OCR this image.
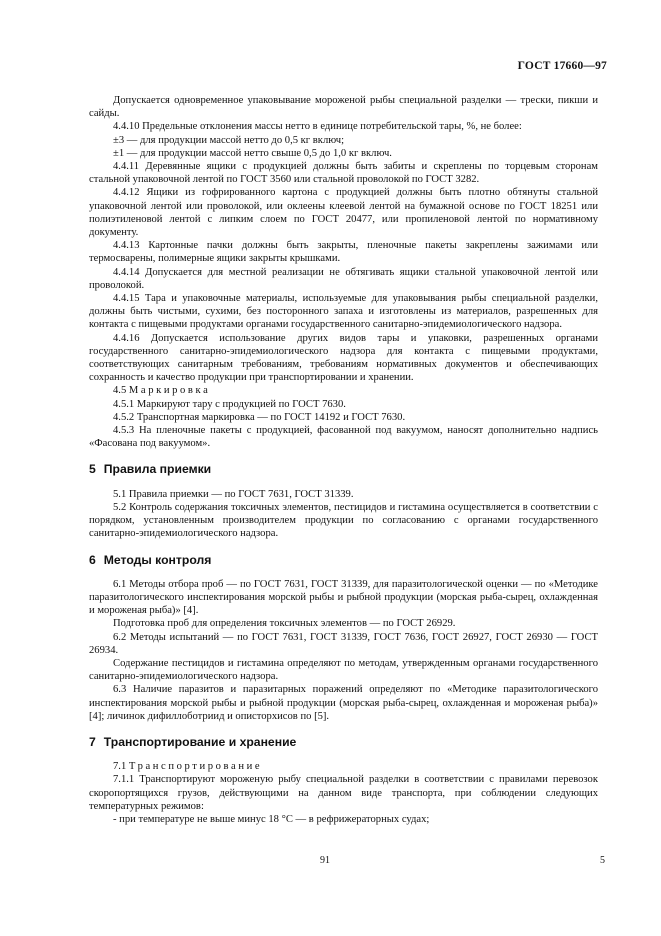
ГОСТ 17660—97

Допускается одновременное упаковывание мороженой рыбы специальной разделки — трески, пикши и сайды.

4.4.10 Предельные отклонения массы нетто в единице потребительской тары, %, не более:

±3 — для продукции массой нетто до 0,5 кг включ;

±1 — для продукции массой нетто свыше 0,5 до 1,0 кг включ.

4.4.11 Деревянные ящики с продукцией должны быть забиты и скреплены по торцевым сторонам стальной упаковочной лентой по ГОСТ 3560 или стальной проволокой по ГОСТ 3282.

4.4.12 Ящики из гофрированного картона с продукцией должны быть плотно обтянуты стальной упаковочной лентой или проволокой, или оклеены клеевой лентой на бумажной основе по ГОСТ 18251 или полиэтиленовой лентой с липким слоем по ГОСТ 20477, или пропиленовой лентой по нормативному документу.

4.4.13 Картонные пачки должны быть закрыты, пленочные пакеты закреплены зажимами или термосварены, полимерные ящики закрыты крышками.

4.4.14 Допускается для местной реализации не обтягивать ящики стальной упаковочной лентой или проволокой.

4.4.15 Тара и упаковочные материалы, используемые для упаковывания рыбы специальной разделки, должны быть чистыми, сухими, без посторонного запаха и изготовлены из материалов, разрешенных для контакта с пищевыми продуктами органами государственного санитарно-эпидемиологического надзора.

4.4.16 Допускается использование других видов тары и упаковки, разрешенных органами государственного санитарно-эпидемиологического надзора для контакта с пищевыми продуктами, соответствующих санитарным требованиям, требованиям нормативных документов и обеспечивающих сохранность и качество продукции при транспортировании и хранении.

4.5 Маркировка

4.5.1 Маркируют тару с продукцией по ГОСТ 7630.

4.5.2 Транспортная маркировка — по ГОСТ 14192 и ГОСТ 7630.

4.5.3 На пленочные пакеты с продукцией, фасованной под вакуумом, наносят дополнительно надпись «Фасована под вакуумом».

5 Правила приемки

5.1 Правила приемки — по ГОСТ 7631, ГОСТ 31339.

5.2 Контроль содержания токсичных элементов, пестицидов и гистамина осуществляется в соответствии с порядком, установленным производителем продукции по согласованию с органами государственного санитарно-эпидемиологического надзора.

6 Методы контроля

6.1 Методы отбора проб — по ГОСТ 7631, ГОСТ 31339, для паразитологической оценки — по «Методике паразитологического инспектирования морской рыбы и рыбной продукции (морская рыба-сырец, охлажденная и мороженая рыба)» [4].

Подготовка проб для определения токсичных элементов — по ГОСТ 26929.

6.2 Методы испытаний — по ГОСТ 7631, ГОСТ 31339, ГОСТ 7636, ГОСТ 26927, ГОСТ 26930 — ГОСТ 26934.

Содержание пестицидов и гистамина определяют по методам, утвержденным органами государственного санитарно-эпидемиологического надзора.

6.3 Наличие паразитов и паразитарных поражений определяют по «Методике паразитологического инспектирования морской рыбы и рыбной продукции (морская рыба-сырец, охлажденная и мороженая рыба)» [4]; личинок дифиллоботриид и описторхисов по [5].

7 Транспортирование и хранение

7.1 Транспортирование

7.1.1 Транспортируют мороженую рыбу специальной разделки в соответствии с правилами перевозок скоропортящихся грузов, действующими на данном виде транспорта, при соблюдении следующих температурных режимов:

- при температуре не выше минус 18 °С — в рефрижераторных судах;

91	5
